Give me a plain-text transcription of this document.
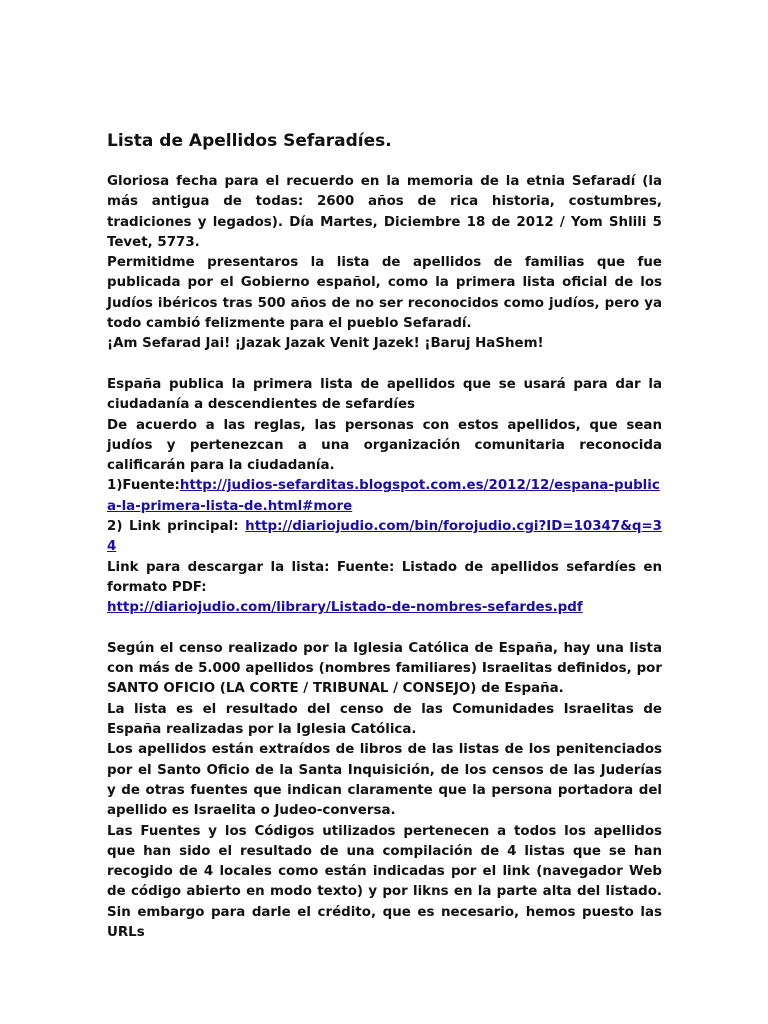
Lista de Apellidos Sefaradíes.

Gloriosa fecha para el recuerdo en la memoria de la etnia Sefaradí (la más antigua de todas: 2600 años de rica historia, costumbres, tradiciones y legados). Día Martes, Diciembre 18 de 2012 / Yom Shlili 5 Tevet, 5773.

Permitidme presentaros la lista de apellidos de familias que fue publicada por el Gobierno español, como la primera lista oficial de los Judíos ibéricos tras 500 años de no ser reconocidos como judíos, pero ya todo cambió felizmente para el pueblo Sefaradí.

¡Am Sefarad Jai! ¡Jazak Jazak Venit Jazek! ¡Baruj HaShem!

España publica la primera lista de apellidos que se usará para dar la ciudadanía a descendientes de sefardíes

De acuerdo a las reglas, las personas con estos apellidos, que sean judíos y pertenezcan a una organización comunitaria reconocida calificarán para la ciudadanía.

1)Fuente:http://judios-sefarditas.blogspot.com.es/2012/12/espana-publica-la-primera-lista-de.html#more

2) Link principal: http://diariojudio.com/bin/forojudio.cgi?ID=10347&q=34

Link para descargar la lista: Fuente: Listado de apellidos sefardíes en formato PDF:

http://diariojudio.com/library/Listado-de-nombres-sefardes.pdf

Según el censo realizado por la Iglesia Católica de España, hay una lista con más de 5.000 apellidos (nombres familiares) Israelitas definidos, por SANTO OFICIO (LA CORTE / TRIBUNAL / CONSEJO) de España.

La lista es el resultado del censo de las Comunidades Israelitas de España realizadas por la Iglesia Católica.

Los apellidos están extraídos de libros de las listas de los penitenciados por el Santo Oficio de la Santa Inquisición, de los censos de las Juderías y de otras fuentes que indican claramente que la persona portadora del apellido es Israelita o Judeo-conversa.

Las Fuentes y los Códigos utilizados pertenecen a todos los apellidos que han sido el resultado de una compilación de 4 listas que se han recogido de 4 locales como están indicadas por el link (navegador Web de código abierto en modo texto) y por likns en la parte alta del listado. Sin embargo para darle el crédito, que es necesario, hemos puesto las URLs
